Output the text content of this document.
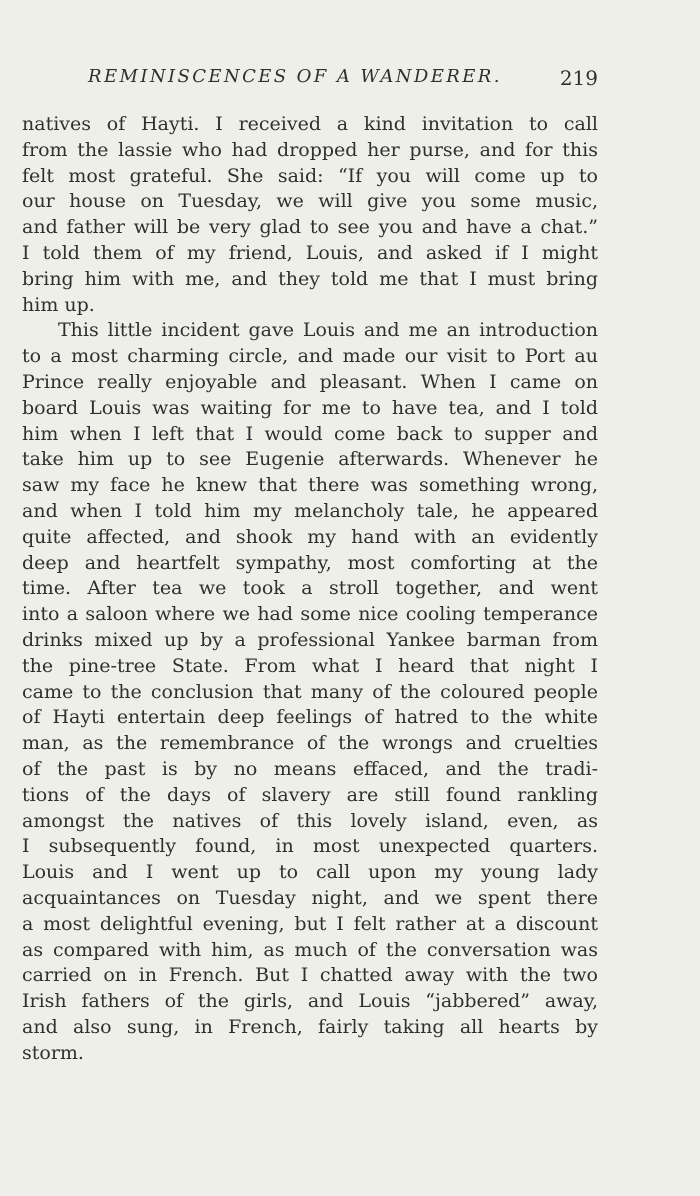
REMINISCENCES OF A WANDERER.	219
natives of Hayti. I received a kind invitation to call
from the lassie who had dropped her purse, and for this
felt most grateful. She said: “If you will come up to
our house on Tuesday, we will give you some music,
and father will be very glad to see you and have a chat.”
I told them of my friend, Louis, and asked if I might
bring him with me, and they told me that I must bring
him up.
This little incident gave Louis and me an introduction
to a most charming circle, and made our visit to Port au
Prince really enjoyable and pleasant. When I came on
board Louis was waiting for me to have tea, and I told
him when I left that I would come back to supper and
take him up to see Eugenie afterwards. Whenever he
saw my face he knew that there was something wrong,
and when I told him my melancholy tale, he appeared
quite affected, and shook my hand with an evidently
deep and heartfelt sympathy, most comforting at the
time. After tea we took a stroll together, and went
into a saloon where we had some nice cooling temperance
drinks mixed up by a professional Yankee barman from
the pine-tree State. From what I heard that night I
came to the conclusion that many of the coloured people
of Hayti entertain deep feelings of hatred to the white
man, as the remembrance of the wrongs and cruelties
of the past is by no means effaced, and the tradi-
tions of the days of slavery are still found rankling
amongst the natives of this lovely island, even, as
I subsequently found, in most unexpected quarters.
Louis and I went up to call upon my young lady
acquaintances on Tuesday night, and we spent there
a most delightful evening, but I felt rather at a discount
as compared with him, as much of the conversation was
carried on in French. But I chatted away with the two
Irish fathers of the girls, and Louis “jabbered” away,
and also sung, in French, fairly taking all hearts by
storm.
